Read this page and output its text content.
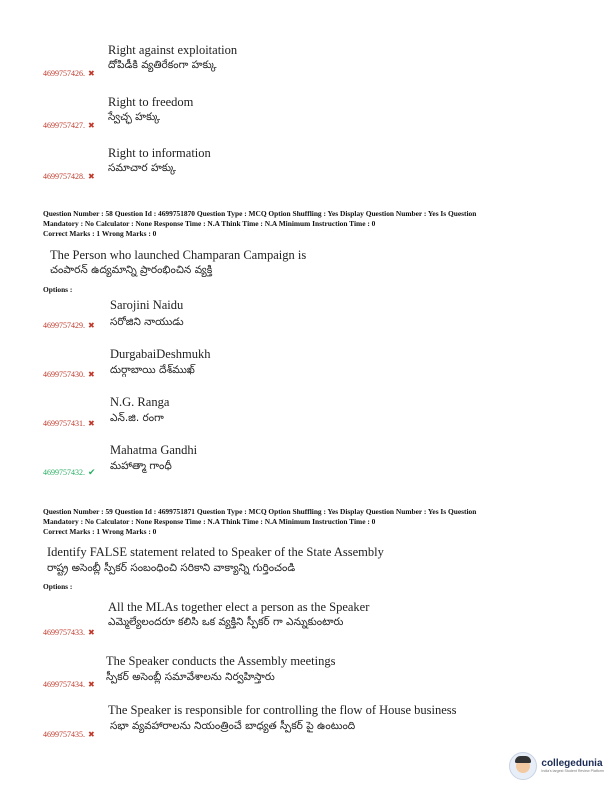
Right against exploitation
దోపిడీకి వ్యతిరేకంగా హక్కు
4699757426. ✖
Right to freedom
స్వేచ్ఛ హక్కు
4699757427. ✖
Right to information
సమాచార హక్కు
4699757428. ✖
Question Number : 58 Question Id : 4699751870 Question Type : MCQ Option Shuffling : Yes Display Question Number : Yes Is Question
Mandatory : No Calculator : None Response Time : N.A Think Time : N.A Minimum Instruction Time : 0
Correct Marks : 1 Wrong Marks : 0
The Person who launched Champaran Campaign is
చంపారన్ ఉద్యమాన్ని ప్రారంభించిన వ్యక్తి
Options :
Sarojini Naidu
సరోజిని నాయుడు
4699757429. ✖
DurgabaiDeshmukh
దుర్గాబాయి దేశ్‌ముఖ్
4699757430. ✖
N.G. Ranga
ఎన్.జి. రంగా
4699757431. ✖
Mahatma Gandhi
మహాత్మా గాంధీ
4699757432. ✔
Question Number : 59 Question Id : 4699751871 Question Type : MCQ Option Shuffling : Yes Display Question Number : Yes Is Question
Mandatory : No Calculator : None Response Time : N.A Think Time : N.A Minimum Instruction Time : 0
Correct Marks : 1 Wrong Marks : 0
Identify FALSE statement related to Speaker of the State Assembly
రాష్ట్ర అసెంబ్లీ స్పీకర్ సంబంధించి సరికాని వాక్యాన్ని గుర్తించండి
Options :
All the MLAs together elect a person as the Speaker
ఎమ్మెల్యేలందరూ కలిసి ఒక వ్యక్తిని స్పీకర్ గా ఎన్నుకుంటారు
4699757433. ✖
The Speaker conducts the Assembly meetings
స్పీకర్ అసెంబ్లీ సమావేశాలను నిర్వహిస్తారు
4699757434. ✖
The Speaker is responsible for controlling the flow of House business
సభా వ్యవహారాలను నియంత్రించే బాధ్యత స్పీకర్ పై ఉంటుంది
4699757435. ✖
collegedunia
India's largest Student Review Platform
